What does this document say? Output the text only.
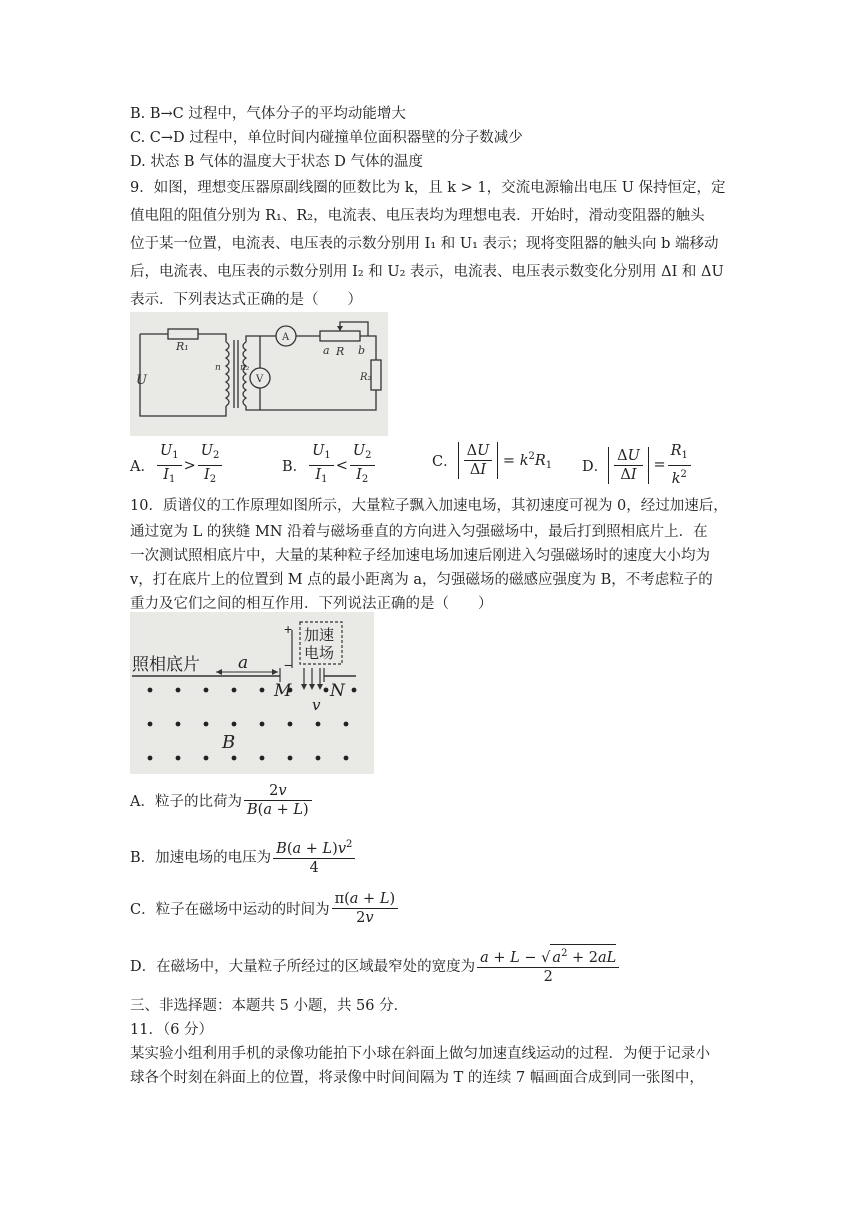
B. B→C 过程中，气体分子的平均动能增大
C. C→D 过程中，单位时间内碰撞单位面积器壁的分子数减少
D. 状态 B 气体的温度大于状态 D 气体的温度
9．如图，理想变压器原副线圈的匝数比为 k，且 k > 1，交流电源输出电压 U 保持恒定，定
值电阻的阻值分别为 R₁、R₂，电流表、电压表均为理想电表．开始时，滑动变阻器的触头
位于某一位置，电流表、电压表的示数分别用 I₁ 和 U₁ 表示；现将变阻器的触头向 b 端移动
后，电流表、电压表的示数分别用 I₂ 和 U₂ 表示，电流表、电压表示数变化分别用 ΔI 和 ΔU
表示．下列表达式正确的是（　　）
R₁
U
n n₂
A
V
a R b
R₂
A． $\frac{U_1}{I_1} > \frac{U_2}{I_2}$	B． $\frac{U_1}{I_1} < \frac{U_2}{I_2}$	C． $\frac{\Delta U}{\Delta I} = k^2R_1$ D． $\frac{\Delta U}{\Delta I} = \frac{R_1}{k^2}$
10．质谱仪的工作原理如图所示，大量粒子飘入加速电场，其初速度可视为 0，经过加速后，
通过宽为 L 的狭缝 MN 沿着与磁场垂直的方向进入匀强磁场中，最后打到照相底片上．在
一次测试照相底片中，大量的某种粒子经加速电场加速后刚进入匀强磁场时的速度大小均为
v，打在底片上的位置到 M 点的最小距离为 a，匀强磁场的磁感应强度为 B，不考虑粒子的
重力及它们之间的相互作用．下列说法正确的是（　　）
+
−
加速
电场
照相底片 a
M N
v
B
A．粒子的比荷为 $\frac{2v}{B(a + L)}$
B．加速电场的电压为 $\frac{B(a + L)v^2}{4}$
C．粒子在磁场中运动的时间为 $\frac{\pi(a + L)}{2v}$
D．在磁场中，大量粒子所经过的区域最窄处的宽度为 $\frac{a + L - √ a^2 + 2aL}{2}$
三、非选择题：本题共 5 小题，共 56 分．
11．（6 分）
某实验小组利用手机的录像功能拍下小球在斜面上做匀加速直线运动的过程．为便于记录小
球各个时刻在斜面上的位置，将录像中时间间隔为 T 的连续 7 幅画面合成到同一张图中，
